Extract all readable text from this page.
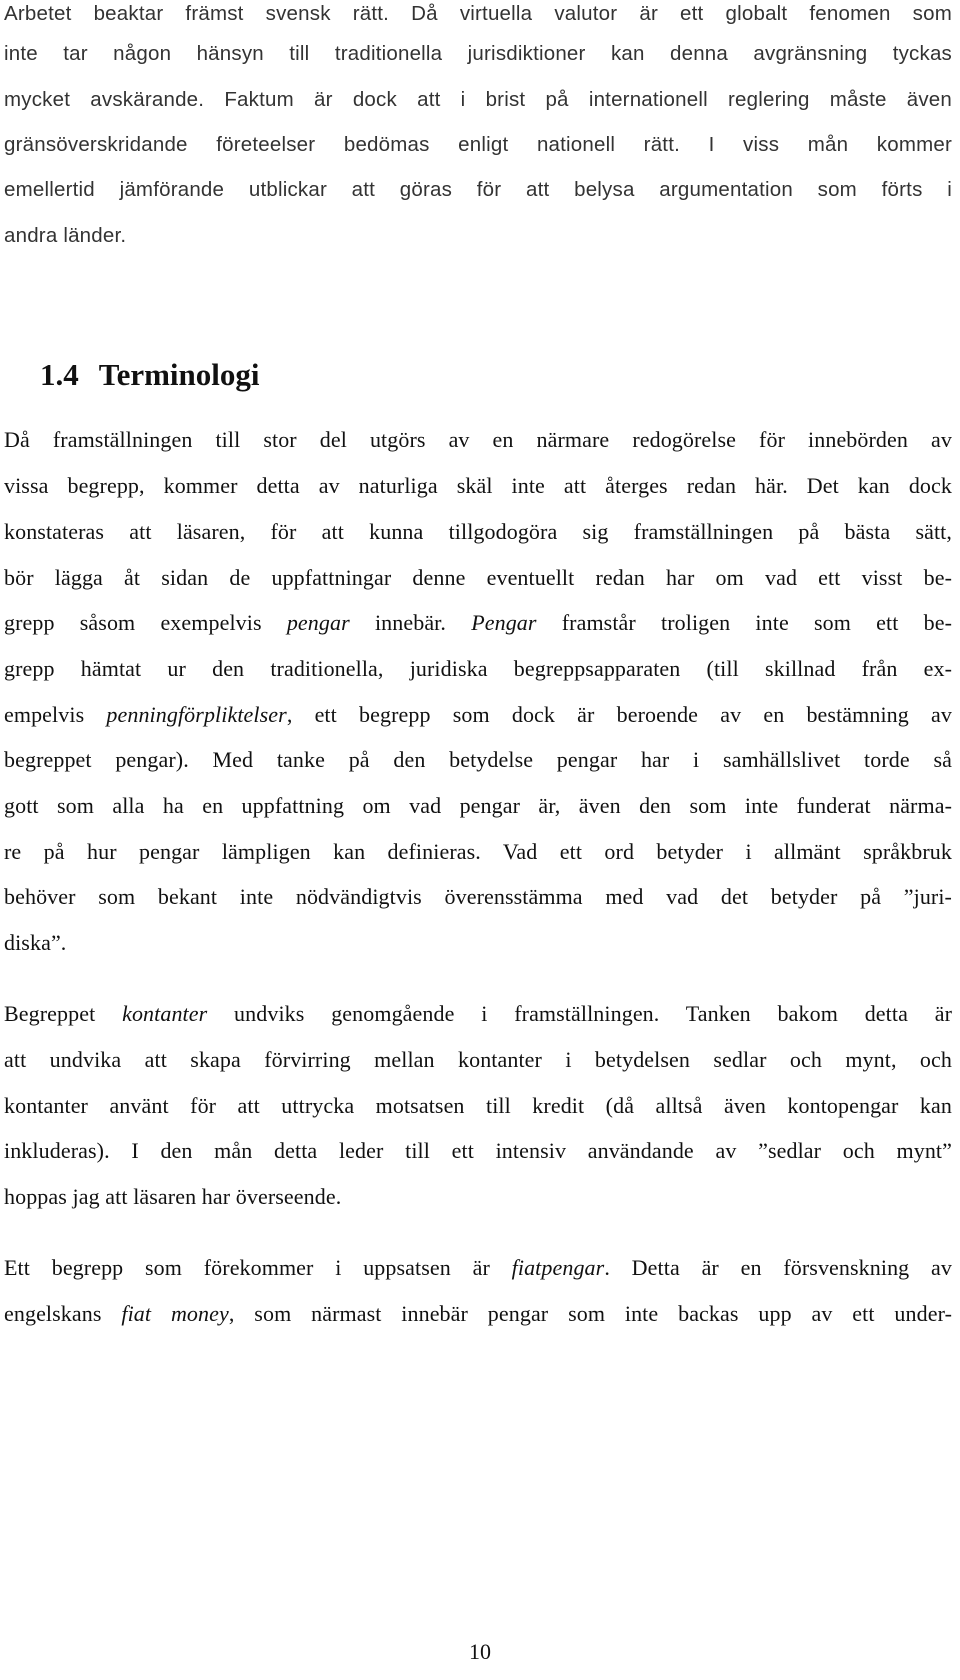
Arbetet beaktar främst svensk rätt. Då virtuella valutor är ett globalt fenomen som
inte tar någon hänsyn till traditionella jurisdiktioner kan denna avgränsning tyckas
mycket avskärande. Faktum är dock att i brist på internationell reglering måste även
gränsöverskridande företeelser bedömas enligt nationell rätt. I viss mån kommer
emellertid jämförande utblickar att göras för att belysa argumentation som förts i
andra länder.
1.4 Terminologi
Då framställningen till stor del utgörs av en närmare redogörelse för innebörden av
vissa begrepp, kommer detta av naturliga skäl inte att återges redan här. Det kan dock
konstateras att läsaren, för att kunna tillgodogöra sig framställningen på bästa sätt,
bör lägga åt sidan de uppfattningar denne eventuellt redan har om vad ett visst be-
grepp såsom exempelvis pengar innebär. Pengar framstår troligen inte som ett be-
grepp hämtat ur den traditionella, juridiska begreppsapparaten (till skillnad från ex-
empelvis penningförpliktelser, ett begrepp som dock är beroende av en bestämning av
begreppet pengar). Med tanke på den betydelse pengar har i samhällslivet torde så
gott som alla ha en uppfattning om vad pengar är, även den som inte funderat närma-
re på hur pengar lämpligen kan definieras. Vad ett ord betyder i allmänt språkbruk
behöver som bekant inte nödvändigtvis överensstämma med vad det betyder på ”juri-
diska”.
Begreppet kontanter undviks genomgående i framställningen. Tanken bakom detta är
att undvika att skapa förvirring mellan kontanter i betydelsen sedlar och mynt, och
kontanter använt för att uttrycka motsatsen till kredit (då alltså även kontopengar kan
inkluderas). I den mån detta leder till ett intensiv användande av ”sedlar och mynt”
hoppas jag att läsaren har överseende.
Ett begrepp som förekommer i uppsatsen är fiatpengar. Detta är en försvenskning av
engelskans fiat money, som närmast innebär pengar som inte backas upp av ett under-
10
